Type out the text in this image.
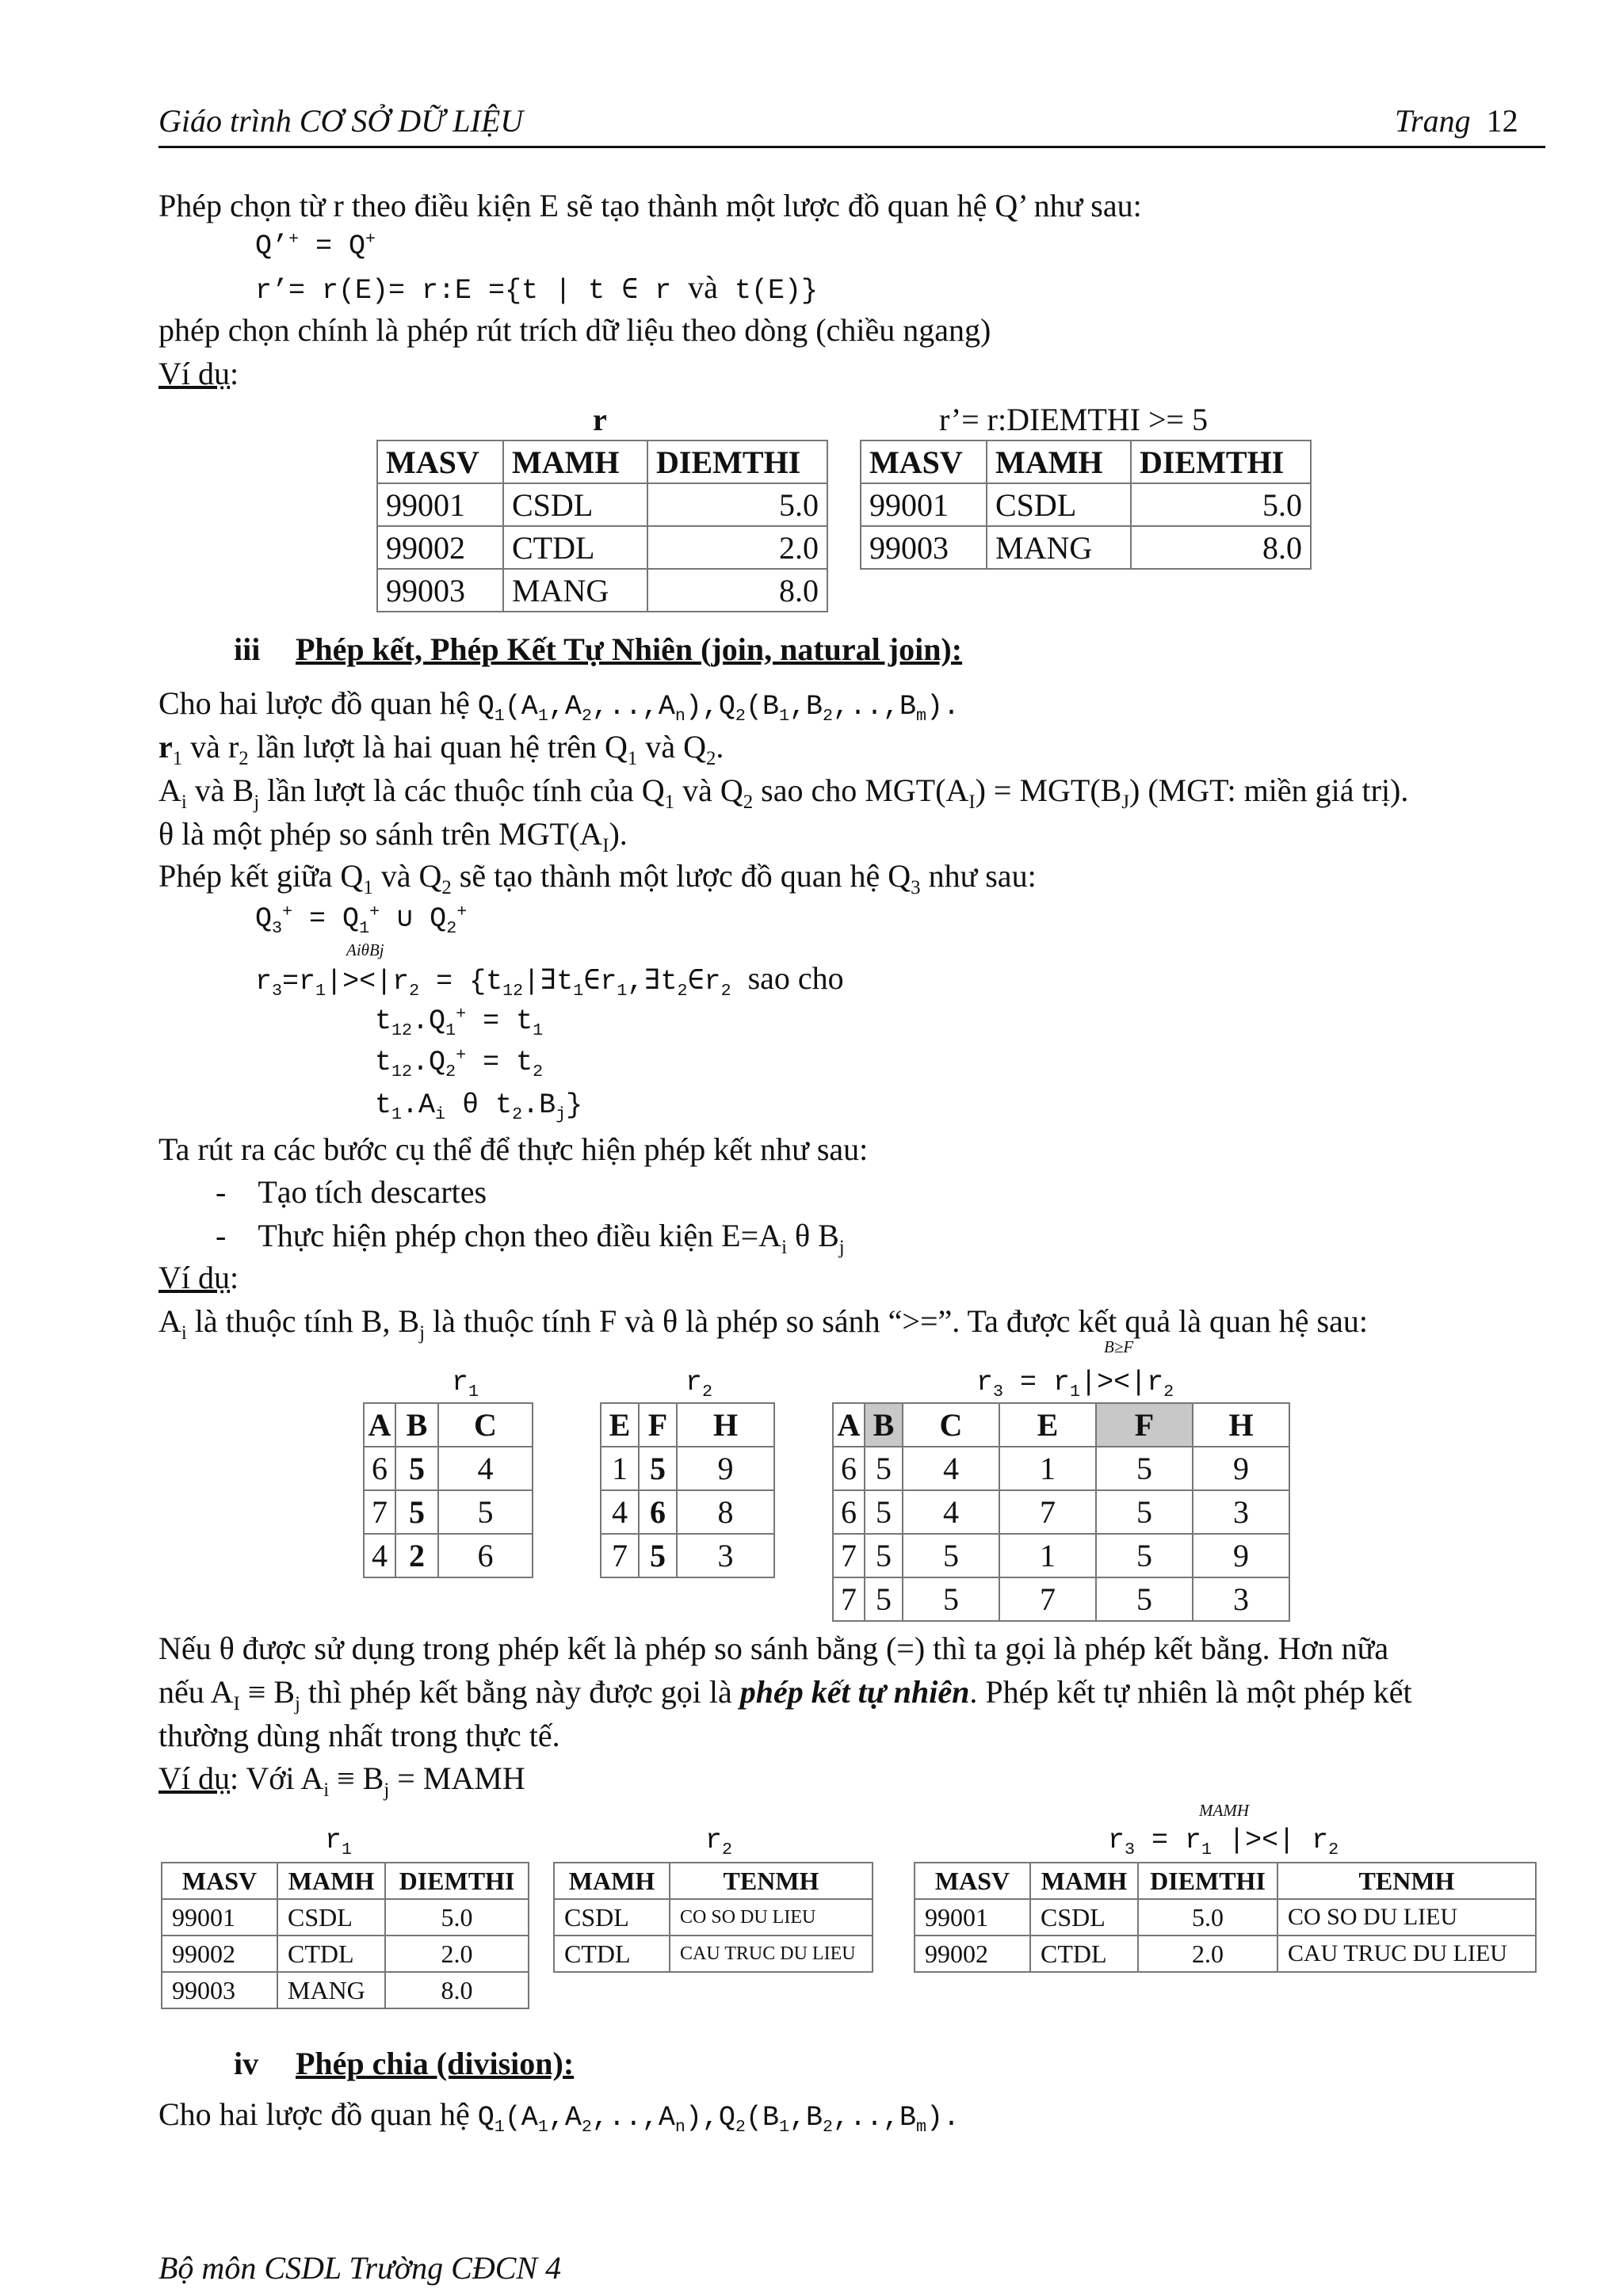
Giáo trình CƠ SỞ DỮ LIỆU	Trang 12
Phép chọn từ r theo điều kiện E sẽ tạo thành một lược đồ quan hệ Q’ như sau:
Q’+ = Q+
r’= r(E)= r:E ={t | t ∈ r và t(E)}
phép chọn chính là phép rút trích dữ liệu theo dòng (chiều ngang)
Ví dụ:
r	r’= r:DIEMTHI >= 5
MASV	MAMH	DIEMTHI
99001	CSDL	5.0
99002	CTDL	2.0
99003	MANG	8.0
MASV	MAMH	DIEMTHI
99001	CSDL	5.0
99003	MANG	8.0
iii Phép kết, Phép Kết Tự Nhiên (join, natural join):
Cho hai lược đồ quan hệ $Q_1(A_1,A_2,..,A_n),Q_2(B_1,B_2,..,B_m)$.
$r_1$ và $r_2$ lần lượt là hai quan hệ trên $Q_1$ và $Q_2$.
$A_i$ và $B_j$ lần lượt là các thuộc tính của $Q_1$ và $Q_2$ sao cho $MGT(A_I) = MGT(B_J)$ (MGT: miền giá trị).
θ là một phép so sánh trên $MGT(A_I)$.
Phép kết giữa $Q_1$ và $Q_2$ sẽ tạo thành một lược đồ quan hệ $Q_3$ như sau:
$Q_3^+ = Q_1^+$ ∪ $Q_2^+$
AiθBj
$r_3=r_1|><|r_2$ = {$t_{12}|\exists t_1\in r_1,\exists t_2\in r_2$ sao cho
$t_{12}.Q_1^+ = t_1$
$t_{12}.Q_2^+ = t_2$
$t_1.A_i$ θ $t_2.B_j$}
Ta rút ra các bước cụ thể để thực hiện phép kết như sau:
-    Tạo tích descartes
-    Thực hiện phép chọn theo điều kiện $E=A_i$ θ $B_j$
Ví dụ:
$A_i$ là thuộc tính B, $B_j$ là thuộc tính F và θ là phép so sánh “>=”. Ta được kết quả là quan hệ sau:
B≥F
$r_1$	$r_2$	$r_3 = r_1|><|r_2$
A	B	C
6	5	4
7	5	5
4	2	6
E	F	H
1	5	9
4	6	8
7	5	3
A	B	C	E	F	H
6	5	4	1	5	9
6	5	4	7	5	3
7	5	5	1	5	9
7	5	5	7	5	3
Nếu θ được sử dụng trong phép kết là phép so sánh bằng (=) thì ta gọi là phép kết bằng. Hơn nữa
nếu $A_I \equiv B_j$ thì phép kết bằng này được gọi là phép kết tự nhiên. Phép kết tự nhiên là một phép kết
thường dùng nhất trong thực tế.
Ví dụ: Với $A_i \equiv B_j$ = MAMH
MAMH
$r_1$	$r_2$	$r_3 = r_1$ |><| $r_2$
MASV	MAMH	DIEMTHI
99001	CSDL	5.0
99002	CTDL	2.0
99003	MANG	8.0
MAMH	TENMH
CSDL	CO SO DU LIEU
CTDL	CAU TRUC DU LIEU
MASV	MAMH	DIEMTHI	TENMH
99001	CSDL	5.0	CO SO DU LIEU
99002	CTDL	2.0	CAU TRUC DU LIEU
iv Phép chia (division):
Cho hai lược đồ quan hệ $Q_1(A_1,A_2,..,A_n),Q_2(B_1,B_2,..,B_m)$.
Bộ môn CSDL Trường CĐCN 4
